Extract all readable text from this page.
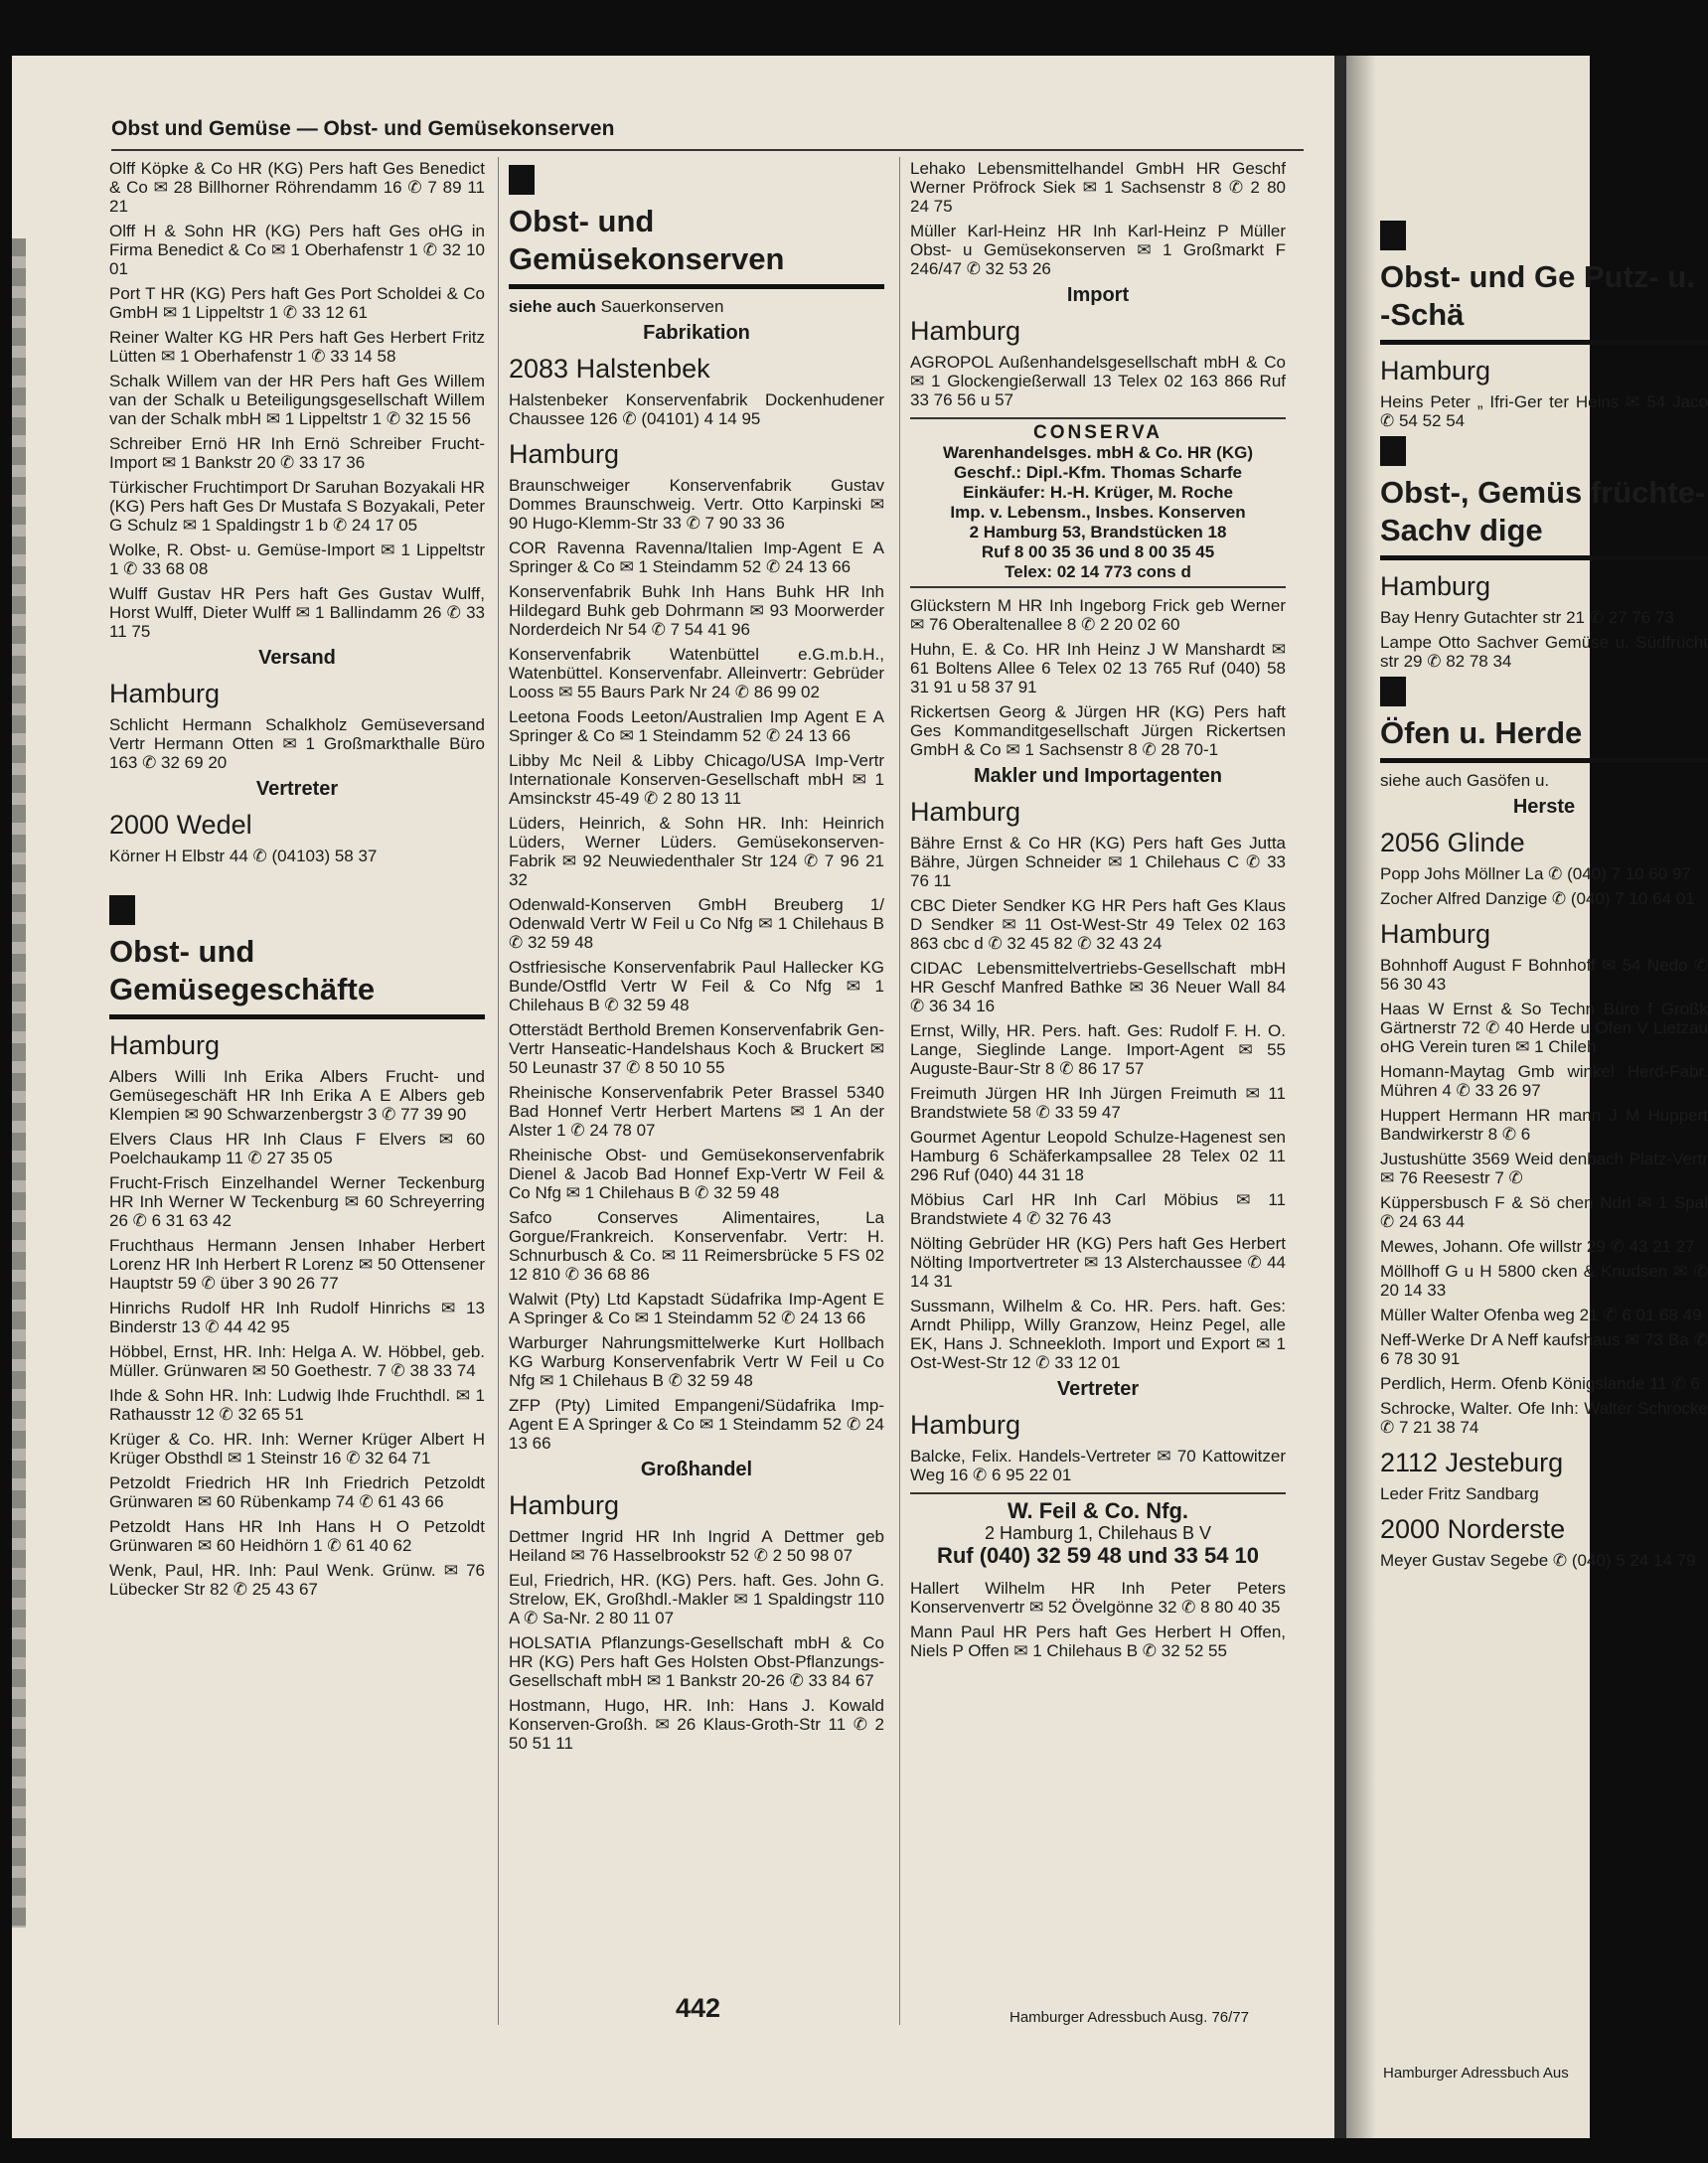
Obst- und Ge Putz- u. -Schä
Hamburg
Heins Peter „ Ifri-Ger ter Heins ✉ 54 Jaco ✆ 54 52 54
Obst-, Gemüs früchte-Sachv dige
Hamburg
Bay Henry Gutachter str 21 ✆ 27 76 73
Lampe Otto Sachver Gemüse u. Südfrücht str 29 ✆ 82 78 34
Öfen u. Herde
siehe auch Gasöfen u.
Herste
2056 Glinde
Popp Johs Möllner La ✆ (040) 7 10 60 97
Zocher Alfred Danzige ✆ (040) 7 10 64 01
Hamburg
Bohnhoff August F Bohnhoff ✉ 54 Nedo ✆ 56 30 43
Haas W Ernst & So Techn Büro f Großk Gärtnerstr 72 ✆ 40 Herde u Öfen V Lietzau oHG Verein turen ✉ 1 Chileh
Homann-Maytag Gmb winkel Herd-Fabr. Mühren 4 ✆ 33 26 97
Huppert Hermann HR mann J M Huppert Bandwirkerstr 8 ✆ 6
Justushütte 3569 Weid denbach Platz-Vertr ✉ 76 Reesestr 7 ✆
Küppersbusch F & Sö chen Ndrl ✉ 1 Spal ✆ 24 63 44
Mewes, Johann. Ofe willstr 29 ✆ 43 21 27
Möllhoff G u H 5800 cken & Knudsen ✉ ✆ 20 14 33
Müller Walter Ofenba weg 21 ✆ 6 01 68 49
Neff-Werke Dr A Neff kaufshaus ✉ 73 Ba ✆ 6 78 30 91
Perdlich, Herm. Ofenb Königslande 11 ✆ 6
Schrocke, Walter. Ofe Inh: Walter Schrocke ✆ 7 21 38 74
2112 Jesteburg
Leder Fritz Sandbarg
2000 Norderste
Meyer Gustav Segebe ✆ (040) 5 24 14 79
Hamburger Adressbuch Aus
Obst und Gemüse — Obst- und Gemüsekonserven
Olff Köpke & Co HR (KG) Pers haft Ges Benedict & Co ✉ 28 Billhorner Röhrendamm 16 ✆ 7 89 11 21
Olff H & Sohn HR (KG) Pers haft Ges oHG in Firma Benedict & Co ✉ 1 Oberhafenstr 1 ✆ 32 10 01
Port T HR (KG) Pers haft Ges Port Scholdei & Co GmbH ✉ 1 Lippeltstr 1 ✆ 33 12 61
Reiner Walter KG HR Pers haft Ges Herbert Fritz Lütten ✉ 1 Oberhafenstr 1 ✆ 33 14 58
Schalk Willem van der HR Pers haft Ges Willem van der Schalk u Beteiligungsgesellschaft Willem van der Schalk mbH ✉ 1 Lippeltstr 1 ✆ 32 15 56
Schreiber Ernö HR Inh Ernö Schreiber Frucht-Import ✉ 1 Bankstr 20 ✆ 33 17 36
Türkischer Fruchtimport Dr Saruhan Bozyakali HR (KG) Pers haft Ges Dr Mustafa S Bozyakali, Peter G Schulz ✉ 1 Spaldingstr 1 b ✆ 24 17 05
Wolke, R. Obst- u. Gemüse-Import ✉ 1 Lippeltstr 1 ✆ 33 68 08
Wulff Gustav HR Pers haft Ges Gustav Wulff, Horst Wulff, Dieter Wulff ✉ 1 Ballindamm 26 ✆ 33 11 75
Versand
Hamburg
Schlicht Hermann Schalkholz Gemüseversand Vertr Hermann Otten ✉ 1 Großmarkthalle Büro 163 ✆ 32 69 20
Vertreter
2000 Wedel
Körner H Elbstr 44 ✆ (04103) 58 37
Obst- und Gemüsegeschäfte
Hamburg
Albers Willi Inh Erika Albers Frucht- und Gemüsegeschäft HR Inh Erika A E Albers geb Klempien ✉ 90 Schwarzenbergstr 3 ✆ 77 39 90
Elvers Claus HR Inh Claus F Elvers ✉ 60 Poelchaukamp 11 ✆ 27 35 05
Frucht-Frisch Einzelhandel Werner Teckenburg HR Inh Werner W Teckenburg ✉ 60 Schreyerring 26 ✆ 6 31 63 42
Fruchthaus Hermann Jensen Inhaber Herbert Lorenz HR Inh Herbert R Lorenz ✉ 50 Ottensener Hauptstr 59 ✆ über 3 90 26 77
Hinrichs Rudolf HR Inh Rudolf Hinrichs ✉ 13 Binderstr 13 ✆ 44 42 95
Höbbel, Ernst, HR. Inh: Helga A. W. Höbbel, geb. Müller. Grünwaren ✉ 50 Goethestr. 7 ✆ 38 33 74
Ihde & Sohn HR. Inh: Ludwig Ihde Fruchthdl. ✉ 1 Rathausstr 12 ✆ 32 65 51
Krüger & Co. HR. Inh: Werner Krüger Albert H Krüger Obsthdl ✉ 1 Steinstr 16 ✆ 32 64 71
Petzoldt Friedrich HR Inh Friedrich Petzoldt Grünwaren ✉ 60 Rübenkamp 74 ✆ 61 43 66
Petzoldt Hans HR Inh Hans H O Petzoldt Grünwaren ✉ 60 Heidhörn 1 ✆ 61 40 62
Wenk, Paul, HR. Inh: Paul Wenk. Grünw. ✉ 76 Lübecker Str 82 ✆ 25 43 67
Obst- und Gemüsekonserven
siehe auch Sauerkonserven
Fabrikation
2083 Halstenbek
Halstenbeker Konservenfabrik Dockenhudener Chaussee 126 ✆ (04101) 4 14 95
Hamburg
Braunschweiger Konservenfabrik Gustav Dommes Braunschweig. Vertr. Otto Karpinski ✉ 90 Hugo-Klemm-Str 33 ✆ 7 90 33 36
COR Ravenna Ravenna/Italien Imp-Agent E A Springer & Co ✉ 1 Steindamm 52 ✆ 24 13 66
Konservenfabrik Buhk Inh Hans Buhk HR Inh Hildegard Buhk geb Dohrmann ✉ 93 Moorwerder Norderdeich Nr 54 ✆ 7 54 41 96
Konservenfabrik Watenbüttel e.G.m.b.H., Watenbüttel. Konservenfabr. Alleinvertr: Gebrüder Looss ✉ 55 Baurs Park Nr 24 ✆ 86 99 02
Leetona Foods Leeton/Australien Imp Agent E A Springer & Co ✉ 1 Steindamm 52 ✆ 24 13 66
Libby Mc Neil & Libby Chicago/USA Imp-Vertr Internationale Konserven-Gesellschaft mbH ✉ 1 Amsinckstr 45-49 ✆ 2 80 13 11
Lüders, Heinrich, & Sohn HR. Inh: Heinrich Lüders, Werner Lüders. Gemüsekonserven-Fabrik ✉ 92 Neuwiedenthaler Str 124 ✆ 7 96 21 32
Odenwald-Konserven GmbH Breuberg 1/ Odenwald Vertr W Feil u Co Nfg ✉ 1 Chilehaus B ✆ 32 59 48
Ostfriesische Konservenfabrik Paul Hallecker KG Bunde/Ostfld Vertr W Feil & Co Nfg ✉ 1 Chilehaus B ✆ 32 59 48
Otterstädt Berthold Bremen Konservenfabrik Gen-Vertr Hanseatic-Handelshaus Koch & Bruckert ✉ 50 Leunastr 37 ✆ 8 50 10 55
Rheinische Konservenfabrik Peter Brassel 5340 Bad Honnef Vertr Herbert Martens ✉ 1 An der Alster 1 ✆ 24 78 07
Rheinische Obst- und Gemüsekonservenfabrik Dienel & Jacob Bad Honnef Exp-Vertr W Feil & Co Nfg ✉ 1 Chilehaus B ✆ 32 59 48
Safco Conserves Alimentaires, La Gorgue/Frankreich. Konservenfabr. Vertr: H. Schnurbusch & Co. ✉ 11 Reimersbrücke 5 FS 02 12 810 ✆ 36 68 86
Walwit (Pty) Ltd Kapstadt Südafrika Imp-Agent E A Springer & Co ✉ 1 Steindamm 52 ✆ 24 13 66
Warburger Nahrungsmittelwerke Kurt Hollbach KG Warburg Konservenfabrik Vertr W Feil u Co Nfg ✉ 1 Chilehaus B ✆ 32 59 48
ZFP (Pty) Limited Empangeni/Südafrika Imp-Agent E A Springer & Co ✉ 1 Steindamm 52 ✆ 24 13 66
Großhandel
Hamburg
Dettmer Ingrid HR Inh Ingrid A Dettmer geb Heiland ✉ 76 Hasselbrookstr 52 ✆ 2 50 98 07
Eul, Friedrich, HR. (KG) Pers. haft. Ges. John G. Strelow, EK, Großhdl.-Makler ✉ 1 Spaldingstr 110 A ✆ Sa-Nr. 2 80 11 07
HOLSATIA Pflanzungs-Gesellschaft mbH & Co HR (KG) Pers haft Ges Holsten Obst-Pflanzungs-Gesellschaft mbH ✉ 1 Bankstr 20-26 ✆ 33 84 67
Hostmann, Hugo, HR. Inh: Hans J. Kowald Konserven-Großh. ✉ 26 Klaus-Groth-Str 11 ✆ 2 50 51 11
Lehako Lebensmittelhandel GmbH HR Geschf Werner Pröfrock Siek ✉ 1 Sachsenstr 8 ✆ 2 80 24 75
Müller Karl-Heinz HR Inh Karl-Heinz P Müller Obst- u Gemüsekonserven ✉ 1 Großmarkt F 246/47 ✆ 32 53 26
Import
Hamburg
AGROPOL Außenhandelsgesellschaft mbH & Co ✉ 1 Glockengießerwall 13 Telex 02 163 866 Ruf 33 76 56 u 57
CONSERVA
Warenhandelsges. mbH & Co. HR (KG)
Geschf.: Dipl.-Kfm. Thomas Scharfe
Einkäufer: H.-H. Krüger, M. Roche
Imp. v. Lebensm., Insbes. Konserven
2 Hamburg 53, Brandstücken 18
Ruf 8 00 35 36 und 8 00 35 45
Telex: 02 14 773 cons d
Glückstern M HR Inh Ingeborg Frick geb Werner ✉ 76 Oberaltenallee 8 ✆ 2 20 02 60
Huhn, E. & Co. HR Inh Heinz J W Manshardt ✉ 61 Boltens Allee 6 Telex 02 13 765 Ruf (040) 58 31 91 u 58 37 91
Rickertsen Georg & Jürgen HR (KG) Pers haft Ges Kommanditgesellschaft Jürgen Rickertsen GmbH & Co ✉ 1 Sachsenstr 8 ✆ 28 70-1
Makler und Importagenten
Hamburg
Bähre Ernst & Co HR (KG) Pers haft Ges Jutta Bähre, Jürgen Schneider ✉ 1 Chilehaus C ✆ 33 76 11
CBC Dieter Sendker KG HR Pers haft Ges Klaus D Sendker ✉ 11 Ost-West-Str 49 Telex 02 163 863 cbc d ✆ 32 45 82 ✆ 32 43 24
CIDAC Lebensmittelvertriebs-Gesellschaft mbH HR Geschf Manfred Bathke ✉ 36 Neuer Wall 84 ✆ 36 34 16
Ernst, Willy, HR. Pers. haft. Ges: Rudolf F. H. O. Lange, Sieglinde Lange. Import-Agent ✉ 55 Auguste-Baur-Str 8 ✆ 86 17 57
Freimuth Jürgen HR Inh Jürgen Freimuth ✉ 11 Brandstwiete 58 ✆ 33 59 47
Gourmet Agentur Leopold Schulze-Hagenest sen Hamburg 6 Schäferkampsallee 28 Telex 02 11 296 Ruf (040) 44 31 18
Möbius Carl HR Inh Carl Möbius ✉ 11 Brandstwiete 4 ✆ 32 76 43
Nölting Gebrüder HR (KG) Pers haft Ges Herbert Nölting Importvertreter ✉ 13 Alsterchaussee ✆ 44 14 31
Sussmann, Wilhelm & Co. HR. Pers. haft. Ges: Arndt Philipp, Willy Granzow, Heinz Pegel, alle EK, Hans J. Schneekloth. Import und Export ✉ 1 Ost-West-Str 12 ✆ 33 12 01
Vertreter
Hamburg
Balcke, Felix. Handels-Vertreter ✉ 70 Kattowitzer Weg 16 ✆ 6 95 22 01
W. Feil & Co. Nfg.
2 Hamburg 1, Chilehaus B V
Ruf (040) 32 59 48 und 33 54 10
Hallert Wilhelm HR Inh Peter Peters Konservenvertr ✉ 52 Övelgönne 32 ✆ 8 80 40 35
Mann Paul HR Pers haft Ges Herbert H Offen, Niels P Offen ✉ 1 Chilehaus B ✆ 32 52 55
442	Hamburger Adressbuch Ausg. 76/77
